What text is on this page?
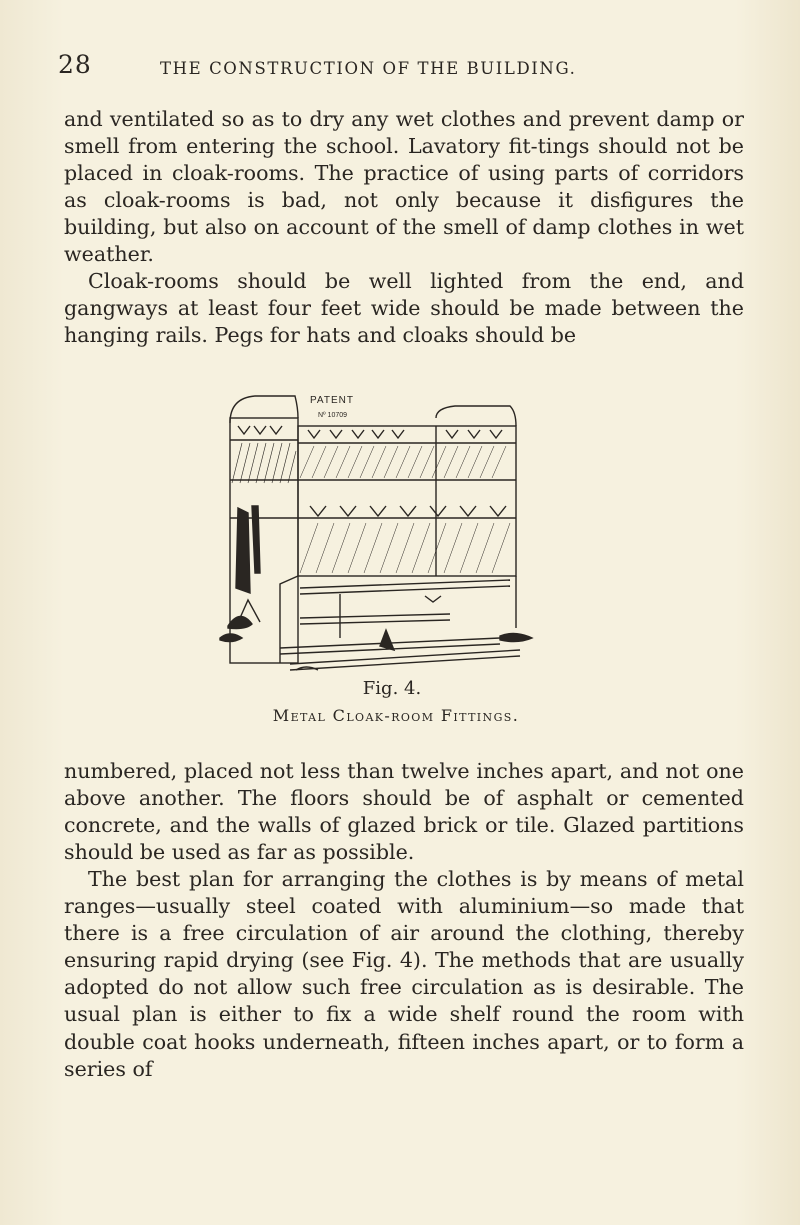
28	THE CONSTRUCTION OF THE BUILDING.

and ventilated so as to dry any wet clothes and prevent damp or smell from entering the school. Lavatory fit-tings should not be placed in cloak-rooms. The practice of using parts of corridors as cloak-rooms is bad, not only because it disfigures the building, but also on account of the smell of damp clothes in wet weather.

Cloak-rooms should be well lighted from the end, and gangways at least four feet wide should be made between the hanging rails. Pegs for hats and cloaks should be

PATENT
Nº 10709
Fig. 4.
Metal Cloak-room Fittings.

numbered, placed not less than twelve inches apart, and not one above another. The floors should be of asphalt or cemented concrete, and the walls of glazed brick or tile. Glazed partitions should be used as far as possible.

The best plan for arranging the clothes is by means of metal ranges—usually steel coated with aluminium—so made that there is a free circulation of air around the clothing, thereby ensuring rapid drying (see Fig. 4). The methods that are usually adopted do not allow such free circulation as is desirable. The usual plan is either to fix a wide shelf round the room with double coat hooks underneath, fifteen inches apart, or to form a series of
